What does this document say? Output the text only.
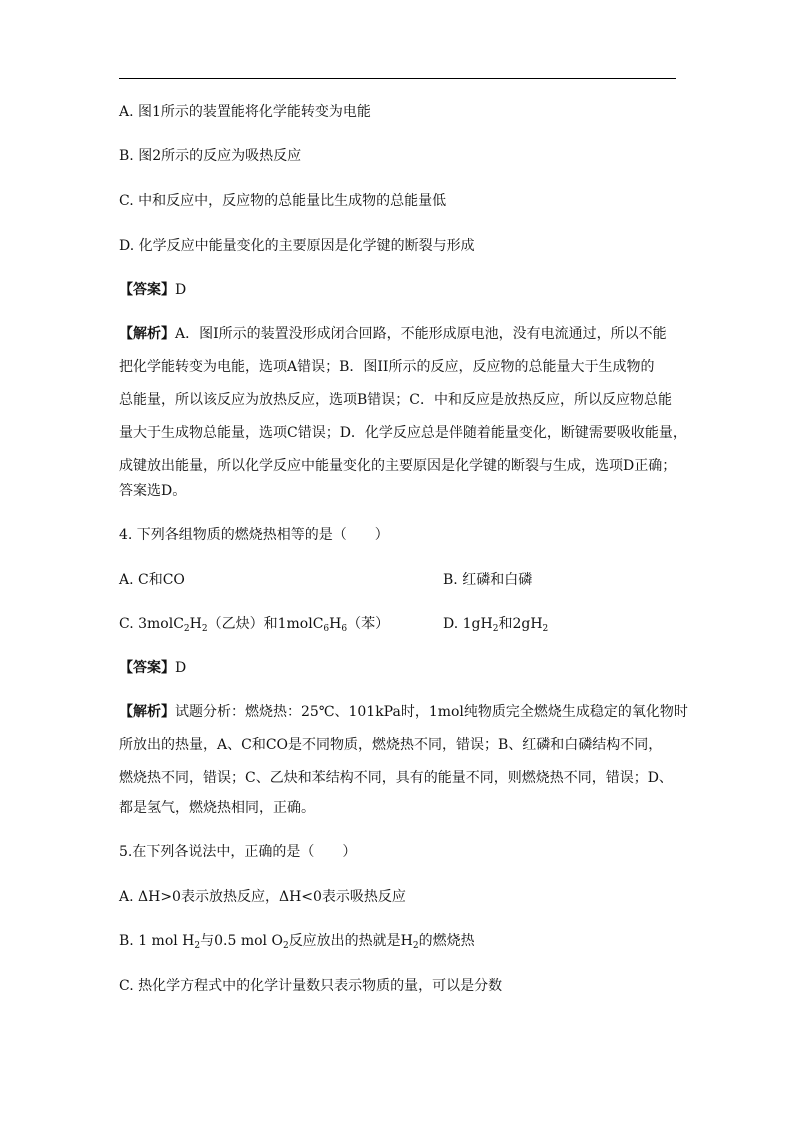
A. 图1所示的装置能将化学能转变为电能
B. 图2所示的反应为吸热反应
C. 中和反应中，反应物的总能量比生成物的总能量低
D. 化学反应中能量变化的主要原因是化学键的断裂与形成
【答案】D
【解析】A．图I所示的装置没形成闭合回路，不能形成原电池，没有电流通过，所以不能
把化学能转变为电能，选项A错误；B．图II所示的反应，反应物的总能量大于生成物的
总能量，所以该反应为放热反应，选项B错误；C．中和反应是放热反应，所以反应物总能
量大于生成物总能量，选项C错误；D．化学反应总是伴随着能量变化，断键需要吸收能量，
成键放出能量，所以化学反应中能量变化的主要原因是化学键的断裂与生成，选项D正确；
答案选D。
4. 下列各组物质的燃烧热相等的是（　　）
A. C和CO	B. 红磷和白磷
C. $3molC_2H_2$（乙炔）和$1molC_6H_6$（苯）	D. $1gH_2$和$2gH_2$
【答案】D
【解析】试题分析：燃烧热：25℃、101kPa时，1mol纯物质完全燃烧生成稳定的氧化物时
所放出的热量，A、C和CO是不同物质，燃烧热不同，错误；B、红磷和白磷结构不同，
燃烧热不同，错误；C、乙炔和苯结构不同，具有的能量不同，则燃烧热不同，错误；D、
都是氢气，燃烧热相同，正确。
5.在下列各说法中，正确的是（　　）
A. ΔH>0表示放热反应，ΔH<0表示吸热反应
B. 1 mol $H_2$与0.5 mol $O_2$反应放出的热就是$H_2$的燃烧热
C. 热化学方程式中的化学计量数只表示物质的量，可以是分数
